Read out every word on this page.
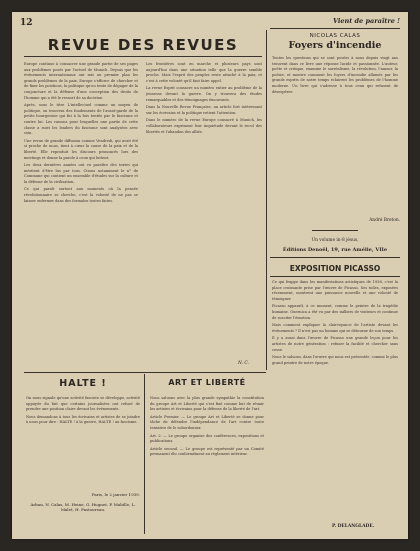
12
REVUE DES REVUES

Europe continue à consacrer une grande partie de ses pages aux problèmes posés par l'actuel de Munich. Depuis que les événements internationaux ont mis au premier plan les grands problèmes de la paix, Europe s'efforce de chercher et de fixer les positions, la politique qu'on tente de dégager de la conjoncture et la défense d'une conception des droits de l'homme qui a été le ressort de sa doctrine.

Après, sous le titre L'intellectuel comme un moyen de politique, on trouvera des fondements de l'avant-garde de la petite bourgeoisie qui fut à la fois tentée par le fascisme et contre lui. Les raisons pour lesquelles une partie de cette classe a suivi les leaders du fascisme sont analysées avec soin.

Une revue de grande diffusion comme Vendredi, qui avait été si proche de nous, tient à cœur la cause de la paix et de la liberté. Elle reproduit les discours prononcés lors des meetings et donne la parole à ceux qui luttent.

Les deux dernières années ont vu paraître des textes qui méritent d'être lus par tous. Citons notamment le n° de Commune qui contient un ensemble d'études sur la culture et la défense de la civilisation.

Ce qui paraît surtout aux moments où la pensée révolutionnaire se cherche, c'est la volonté de ne pas se laisser enfermer dans des formules toutes faites.

Les frontières sont en marche et plusieurs pays sont aujourd'hui dans une situation telle que la guerre semble proche. Mais l'esprit des peuples reste attaché à la paix, et c'est à cette volonté qu'il faut faire appel.

La revue Esprit consacre un numéro entier au problème de la jeunesse devant la guerre. On y trouvera des études remarquables et des témoignages émouvants.

Dans la Nouvelle Revue Française, un article fort intéressant sur les écrivains et la politique retient l'attention.

Dans le numéro de la revue Europe consacré à Munich, les collaborateurs expriment leur inquiétude devant le recul des libertés et l'abandon des alliés.

N. C.
Vient de paraître !
NICOLAS CALAS
Foyers d'incendie
Toutes les questions qui se sont posées à nous depuis vingt ans trouvent dans ce livre une réponse lucide et passionnée. L'auteur, poète et critique, examine le surréalisme, la révolution, l'amour, la poésie, et montre comment les foyers d'incendie allumés par les grands esprits de notre temps éclairent les problèmes de l'homme moderne. Un livre qui s'adresse à tous ceux qui refusent de désespérer.
André Breton.
Un volume in-8 jésus,
Éditions Denoël, 19, rue Amélie, VIIe
EXPOSITION PICASSO

Ce qui frappe dans les manifestations artistiques de 1938, c'est la place croissante prise par l'œuvre de Picasso. Ses toiles, exposées récemment, montrent une puissance nouvelle et une volonté de témoigner.

Picasso apparaît, à ce moment, comme le peintre de la tragédie humaine. Guernica a été vu par des milliers de visiteurs et continue de susciter l'émotion.

Mais comment expliquer la clairvoyance de l'artiste devant les événements ? Il n'est pas un homme qui se détourne de son temps.

Il y a aussi dans l'œuvre de Picasso une grande leçon pour les artistes de notre génération : refuser la facilité et chercher sans cesse.

Nous le saluons, dans l'œuvre qui nous est présentée, comme le plus grand peintre de notre époque.

P. DELANGLADE.
HALTE !

On nous signale qu'une activité fasciste se développe, activité appuyée du fait que certains journalistes ont refusé de prendre une position claire devant les événements.

Nous demandons à tous les écrivains et artistes de se joindre à nous pour dire : HALTE ! à la guerre, HALTE ! au fascisme.

Paris, le 2 janvier 1939.
Arban, N. Calas, M. Heine, G. Hugnet, P. Mabille, L. Malet, H. Pastoureau.
ART ET LIBERTÉ

Nous saluons avec la plus grande sympathie la constitution du groupe Art et Liberté qui s'est fixé comme but de réunir les artistes et écrivains pour la défense de la liberté de l'art.

Article Premier. — Le groupe Art et Liberté se donne pour tâche de défendre l'indépendance de l'art contre toute tentative de le subordonner.

Art. 2. — Le groupe organise des conférences, expositions et publications.

Article second. — Le groupe est représenté par un Comité permanent élu conformément au règlement intérieur.
